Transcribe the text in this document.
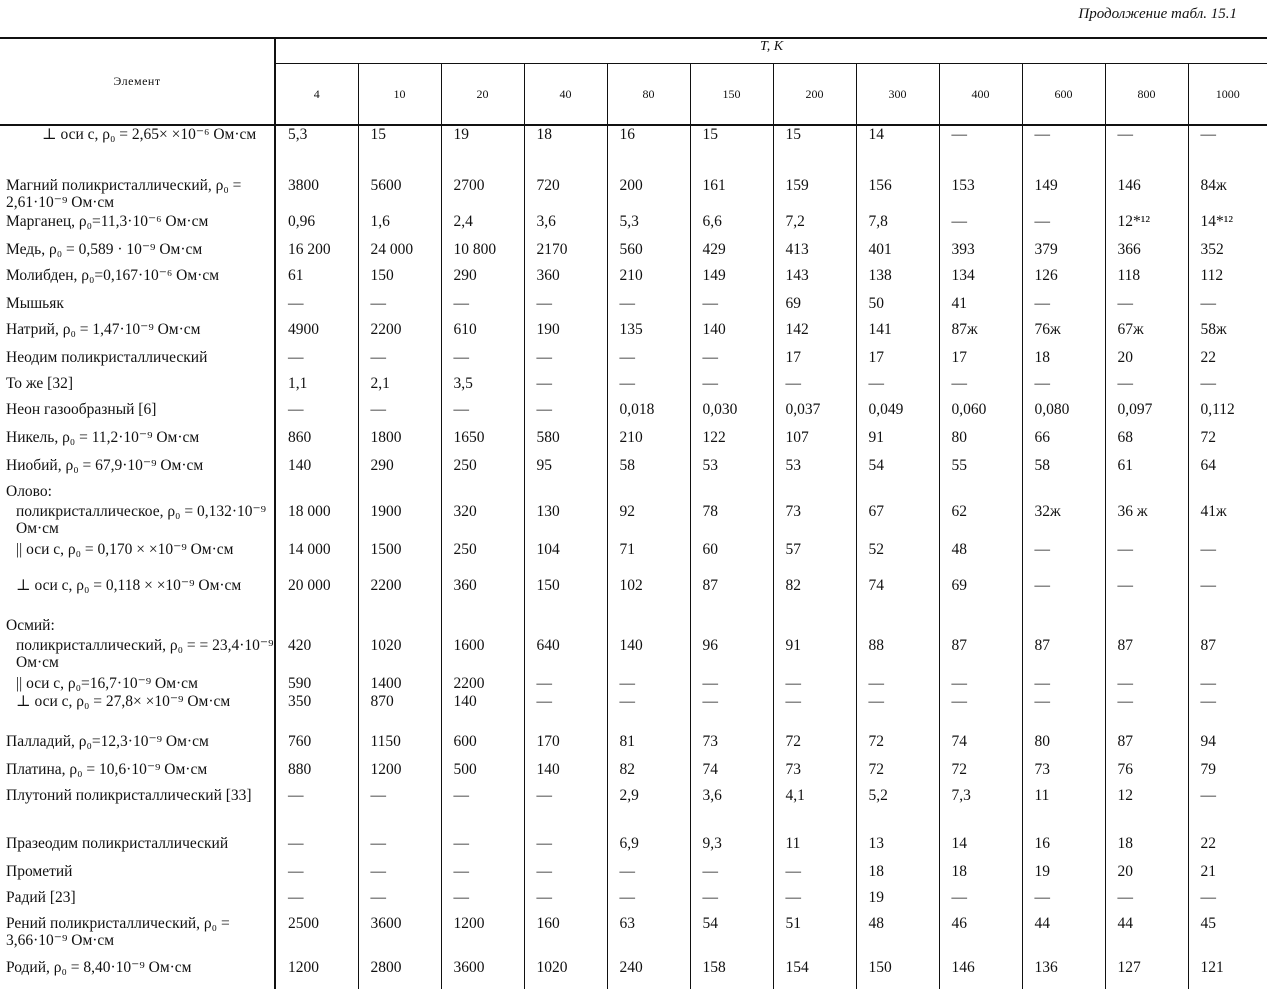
Продолжение табл. 15.1
Элемент	T, К											
	4	10	20	40	80	150	200	300	400	600	800	1000
⊥ оси c, ρ₀ = 2,65× ×10⁻⁶ Ом·см	5,3	15	19	18	16	15	15	14	—	—	—	—
Магний поликристаллический, ρ₀ = 2,61·10⁻⁹ Ом·см	3800	5600	2700	720	200	161	159	156	153	149	146	84ж
Марганец, ρ₀=11,3·10⁻⁶ Ом·см	0,96	1,6	2,4	3,6	5,3	6,6	7,2	7,8	—	—	12*¹²	14*¹²
Медь, ρ₀ = 0,589 · 10⁻⁹ Ом·см	16 200	24 000	10 800	2170	560	429	413	401	393	379	366	352
Молибден, ρ₀=0,167·10⁻⁶ Ом·см	61	150	290	360	210	149	143	138	134	126	118	112
Мышьяк	—	—	—	—	—	—	69	50	41	—	—	—
Натрий, ρ₀ = 1,47·10⁻⁹ Ом·см	4900	2200	610	190	135	140	142	141	87ж	76ж	67ж	58ж
Неодим поликристаллический	—	—	—	—	—	—	17	17	17	18	20	22
То же [32]	1,1	2,1	3,5	—	—	—	—	—	—	—	—	—
Неон газообразный [6]	—	—	—	—	0,018	0,030	0,037	0,049	0,060	0,080	0,097	0,112
Никель, ρ₀ = 11,2·10⁻⁹ Ом·см	860	1800	1650	580	210	122	107	91	80	66	68	72
Ниобий, ρ₀ = 67,9·10⁻⁹ Ом·см	140	290	250	95	58	53	53	54	55	58	61	64
Олово:												
поликристаллическое, ρ₀ = 0,132·10⁻⁹ Ом·см	18 000	1900	320	130	92	78	73	67	62	32ж	36 ж	41ж
|| оси c, ρ₀ = 0,170 × ×10⁻⁹ Ом·см	14 000	1500	250	104	71	60	57	52	48	—	—	—
⊥ оси c, ρ₀ = 0,118 × ×10⁻⁹ Ом·см	20 000	2200	360	150	102	87	82	74	69	—	—	—
Осмий:												
поликристаллический, ρ₀ = = 23,4·10⁻⁹ Ом·см	420	1020	1600	640	140	96	91	88	87	87	87	87
|| оси c, ρ₀=16,7·10⁻⁹ Ом·см	590	1400	2200	—	—	—	—	—	—	—	—	—
⊥ оси c, ρ₀ = 27,8× ×10⁻⁹ Ом·см	350	870	140	—	—	—	—	—	—	—	—	—
Палладий, ρ₀=12,3·10⁻⁹ Ом·см	760	1150	600	170	81	73	72	72	74	80	87	94
Платина, ρ₀ = 10,6·10⁻⁹ Ом·см	880	1200	500	140	82	74	73	72	72	73	76	79
Плутоний поликристаллический [33]	—	—	—	—	2,9	3,6	4,1	5,2	7,3	11	12	—
Празеодим поликристаллический	—	—	—	—	6,9	9,3	11	13	14	16	18	22
Прометий	—	—	—	—	—	—	—	18	18	19	20	21
Радий [23]	—	—	—	—	—	—	—	19	—	—	—	—
Рений поликристаллический, ρ₀ = 3,66·10⁻⁹ Ом·см	2500	3600	1200	160	63	54	51	48	46	44	44	45
Родий, ρ₀ = 8,40·10⁻⁹ Ом·см	1200	2800	3600	1020	240	158	154	150	146	136	127	121
